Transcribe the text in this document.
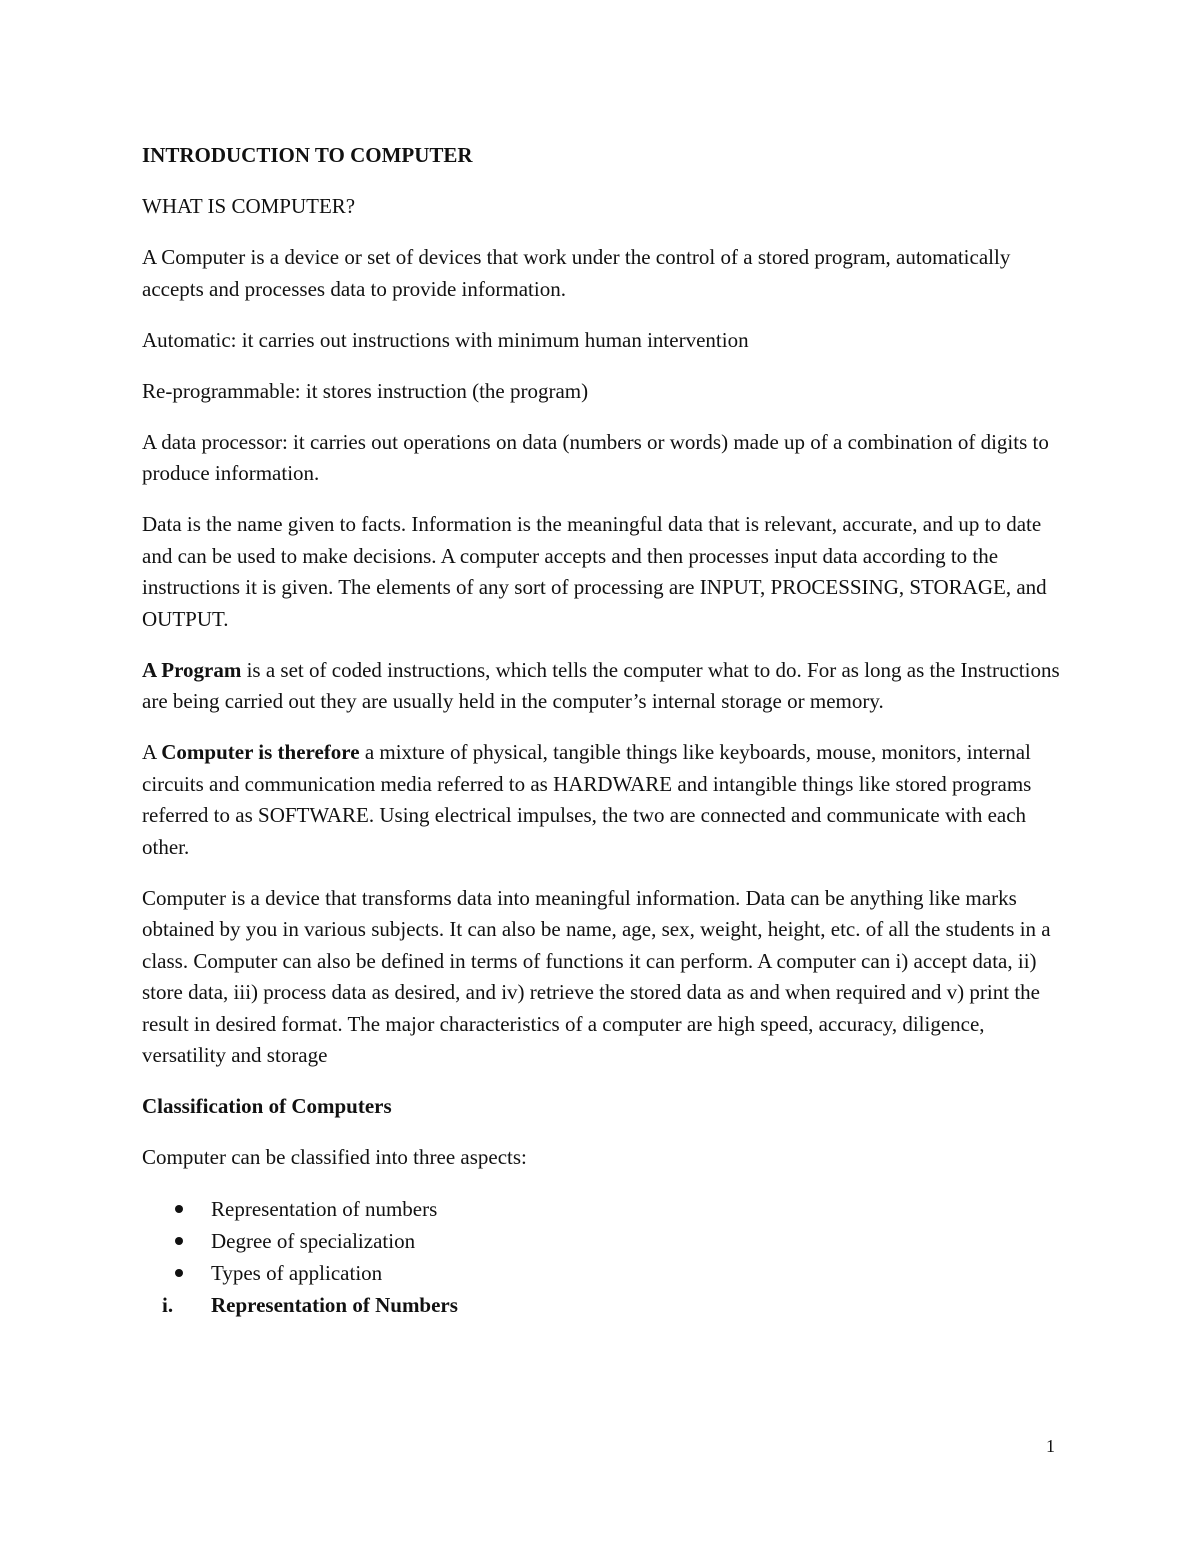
INTRODUCTION TO COMPUTER

WHAT IS COMPUTER?

A Computer is a device or set of devices that work under the control of a stored program, automatically accepts and processes data to provide information.

Automatic: it carries out instructions with minimum human intervention

Re-programmable: it stores instruction (the program)

A data processor: it carries out operations on data (numbers or words) made up of a combination of digits to produce information.

Data is the name given to facts. Information is the meaningful data that is relevant, accurate, and up to date and can be used to make decisions. A computer accepts and then processes input data according to the instructions it is given. The elements of any sort of processing are INPUT, PROCESSING, STORAGE, and OUTPUT.

A Program is a set of coded instructions, which tells the computer what to do. For as long as the Instructions are being carried out they are usually held in the computer’s internal storage or memory.

A Computer is therefore a mixture of physical, tangible things like keyboards, mouse, monitors, internal circuits and communication media referred to as HARDWARE and intangible things like stored programs referred to as SOFTWARE. Using electrical impulses, the two are connected and communicate with each other.

Computer is a device that transforms data into meaningful information. Data can be anything like marks obtained by you in various subjects. It can also be name, age, sex, weight, height, etc. of all the students in a class. Computer can also be defined in terms of functions it can perform. A computer can i) accept data, ii) store data, iii) process data as desired, and iv) retrieve the stored data as and when required and v) print the result in desired format. The major characteristics of a computer are high speed, accuracy, diligence, versatility and storage

Classification of Computers

Computer can be classified into three aspects:

Representation of numbers
Degree of specialization
Types of application
i. Representation of Numbers
1
